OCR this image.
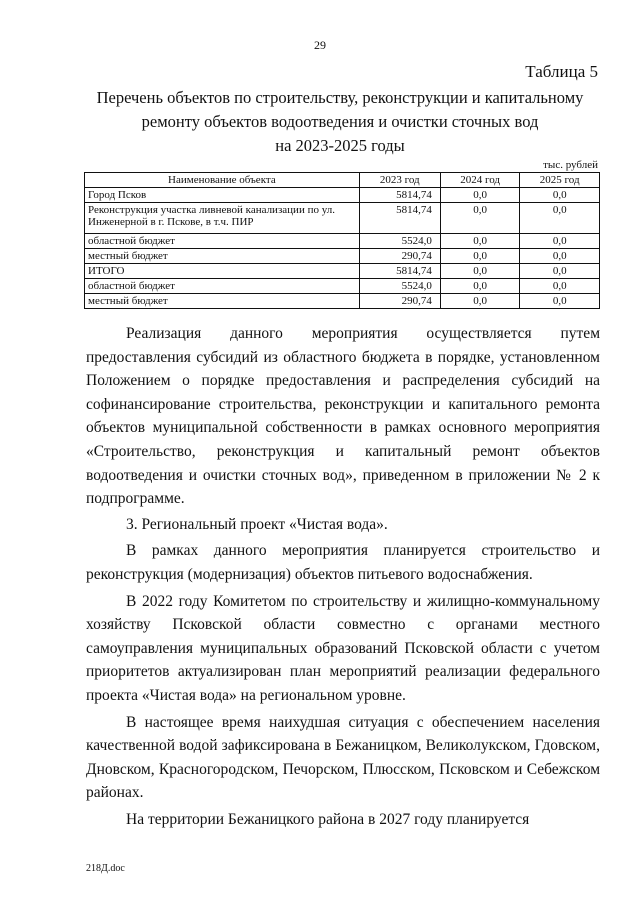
29
Таблица 5
Перечень объектов по строительству, реконструкции и капитальному
ремонту объектов водоотведения и очистки сточных вод
на 2023-2025 годы
тыс. рублей
Наименование объекта	2023 год	2024 год	2025 год
Город Псков	5814,74	0,0	0,0
Реконструкция участка ливневой канализации по ул. Инженерной в г. Пскове, в т.ч. ПИР	5814,74	0,0	0,0
областной бюджет	5524,0	0,0	0,0
местный бюджет	290,74	0,0	0,0
ИТОГО	5814,74	0,0	0,0
областной бюджет	5524,0	0,0	0,0
местный бюджет	290,74	0,0	0,0

Реализация данного мероприятия осуществляется путем предоставления субсидий из областного бюджета в порядке, установленном Положением о порядке предоставления и распределения субсидий на софинансирование строительства, реконструкции и капитального ремонта объектов муниципальной собственности в рамках основного мероприятия «Строительство, реконструкция и капитальный ремонт объектов водоотведения и очистки сточных вод», приведенном в приложении № 2 к подпрограмме.

3. Региональный проект «Чистая вода».

В рамках данного мероприятия планируется строительство и реконструкция (модернизация) объектов питьевого водоснабжения.

В 2022 году Комитетом по строительству и жилищно-коммунальному хозяйству Псковской области совместно с органами местного самоуправления муниципальных образований Псковской области с учетом приоритетов актуализирован план мероприятий реализации федерального проекта «Чистая вода» на региональном уровне.

В настоящее время наихудшая ситуация с обеспечением населения качественной водой зафиксирована в Бежаницком, Великолукском, Гдовском, Дновском, Красногородском, Печорском, Плюсском, Псковском и Себежском районах.

На территории Бежаницкого района в 2027 году планируется

218Д.doc
